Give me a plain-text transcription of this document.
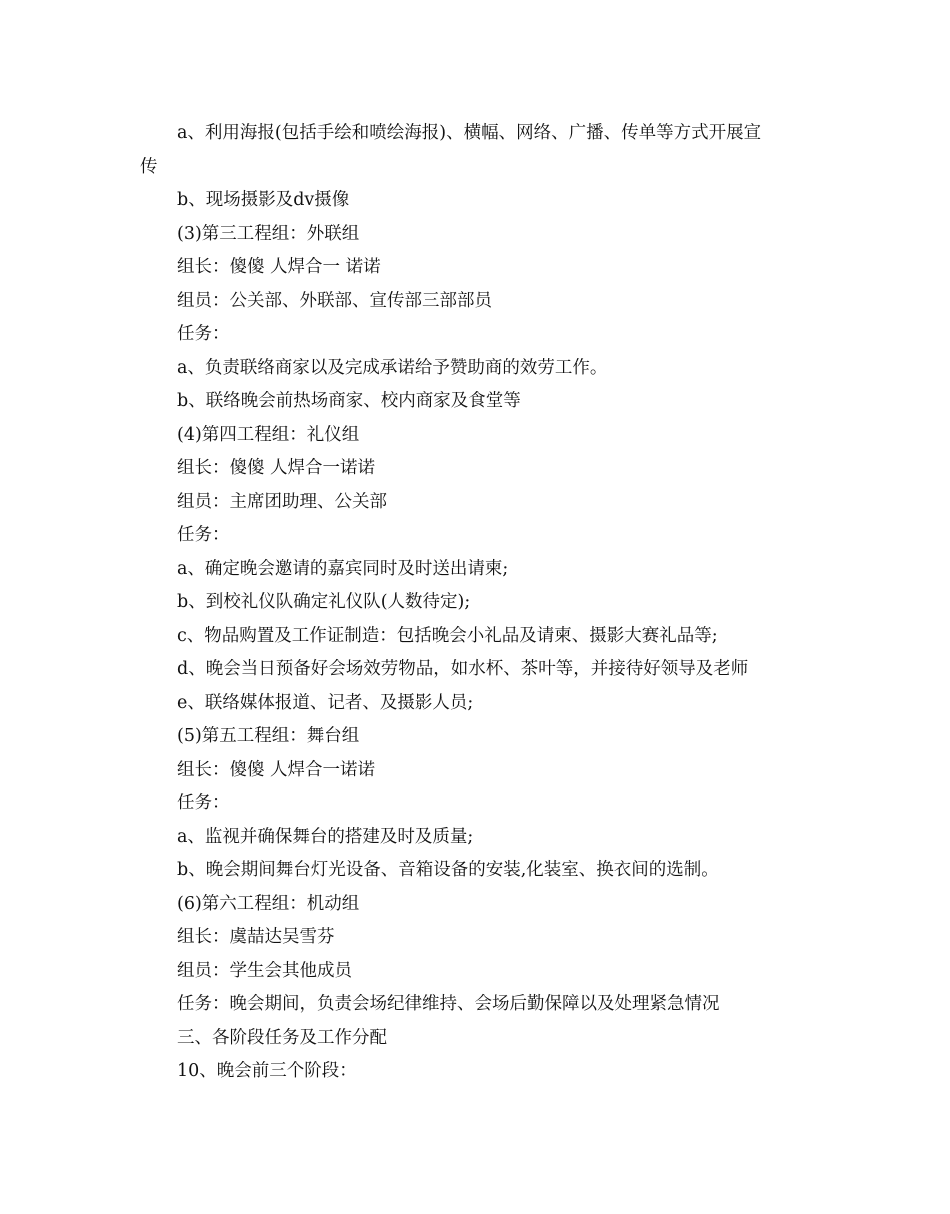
a、利用海报(包括手绘和喷绘海报)、横幅、网络、广播、传单等方式开展宣
传
b、现场摄影及dv摄像
(3)第三工程组：外联组
组长：傻傻 人焊合一 诺诺
组员：公关部、外联部、宣传部三部部员
任务：
a、负责联络商家以及完成承诺给予赞助商的效劳工作。
b、联络晚会前热场商家、校内商家及食堂等
(4)第四工程组：礼仪组
组长：傻傻 人焊合一诺诺
组员：主席团助理、公关部
任务：
a、确定晚会邀请的嘉宾同时及时送出请柬;
b、到校礼仪队确定礼仪队(人数待定);
c、物品购置及工作证制造：包括晚会小礼品及请柬、摄影大赛礼品等;
d、晚会当日预备好会场效劳物品，如水杯、茶叶等，并接待好领导及老师
e、联络媒体报道、记者、及摄影人员;
(5)第五工程组：舞台组
组长：傻傻 人焊合一诺诺
任务：
a、监视并确保舞台的搭建及时及质量;
b、晚会期间舞台灯光设备、音箱设备的安装,化装室、换衣间的选制。
(6)第六工程组：机动组
组长：虞喆达吴雪芬
组员：学生会其他成员
任务：晚会期间，负责会场纪律维持、会场后勤保障以及处理紧急情况
三、各阶段任务及工作分配
10、晚会前三个阶段：
